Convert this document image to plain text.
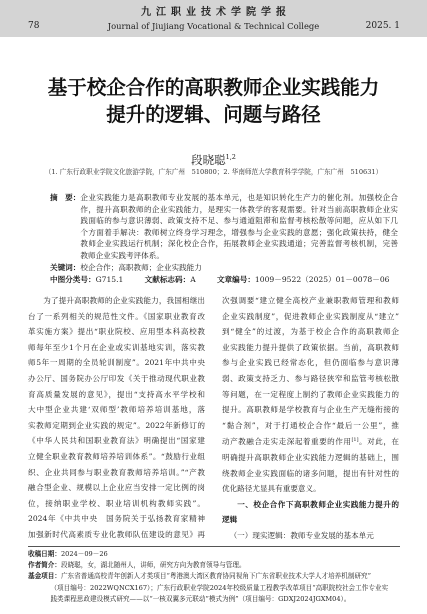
九江职业技术学院学报
78	Journal of Jiujiang Vocational & Technical College	2025. 1
基于校企合作的高职教师企业实践能力
提升的逻辑、问题与路径
段晓聪$^{1,2}$
（1. 广东行政职业学院文化旅游学院，广东广州　510800；2. 华南师范大学教育科学学院，广东广州　510631）
摘　要： 企业实践能力是高职教师专业发展的基本单元，也是知识转化生产力的催化剂。加强校企合
作，提升高职教师的企业实践能力，是理实一体教学的客观需要。针对当前高职教师企业实
践面临的参与意识薄弱、政策支持不足、参与通道阻滞和监督考核松散等问题，应从如下几
个方面着手解决：教师树立终身学习理念，增强参与企业实践的意愿；强化政策扶持，健全
教师企业实践运行机制；深化校企合作，拓展教师企业实践通道；完善监督考核机制，完善
教师企业实践考评体系。
关键词：校企合作；高职教师；企业实践能力
中图分类号：G715.1	文献标志码：A	文章编号：1009－9522（2025）01－0078－06
为了提升高职教师的企业实践能力，我国相继出
台了一系列相关的规范性文件。《国家职业教育改
革实施方案》提出“职业院校、应用型本科高校教
师每年至少1个月在企业或实训基地实训，落实教
师5年一周期的全员轮训制度”。2021年中共中央
办公厅、国务院办公厅印发《关于推动现代职业教
育高质量发展的意见》，提出“支持高水平学校和
大中型企业共建‘双师型’教师培养培训基地，落
实教师定期到企业实践的规定”。2022年新修订的
《中华人民共和国职业教育法》明确提出“国家建
立健全职业教育教师培养培训体系”。“鼓励行业组
织、企业共同参与职业教育教师培养培训。”“产教
融合型企业、规模以上企业应当安排一定比例的岗
位，接纳职业学校、职业培训机构教师实践”。
2024年《中共中央　国务院关于弘扬教育家精神
加强新时代高素质专业化教师队伍建设的意见》再
次强调要“建立健全高校产业兼职教师管理和教师
企业实践制度”，促进教师企业实践制度从“建立”
到“健全”的过渡，为基于校企合作的高职教师企
业实践能力提升提供了政策依据。当前，高职教师
参与企业实践已经常态化，但仍面临参与意识薄
弱、政策支持乏力、参与路径狭窄和监管考核松散
等问题，在一定程度上制约了教师企业实践能力的
提升。高职教师是学校教育与企业生产无缝衔接的
“黏合剂”，对于打通校企合作“最后一公里”，推
动产教融合走实走深起着重要的作用[1]。对此，在
明确提升高职教师企业实践能力逻辑的基础上，围
绕教师企业实践面临的诸多问题，提出有针对性的
优化路径尤显具有重要意义。
一、校企合作下高职教师企业实践能力提升的
逻辑
（一）现实逻辑：教师专业发展的基本单元
收稿日期：2024－09－26
作者简介：段晓聪，女，湖北随州人，讲师，研究方向为教育领导与管理。
基金项目：广东省普通高校青年创新人才类项目“粤港澳大湾区教育协同视角下广东省职业技术大学人才培养机制研究”
（项目编号：2022WQNCX167）；广东行政职业学院2024年校级质量工程教学改革项目“高职院校社会工作专业实
践类课程思政建设模式研究——以“一核双翼多元联动”模式为例”（项目编号：GDXJ2024JGXM04）。
